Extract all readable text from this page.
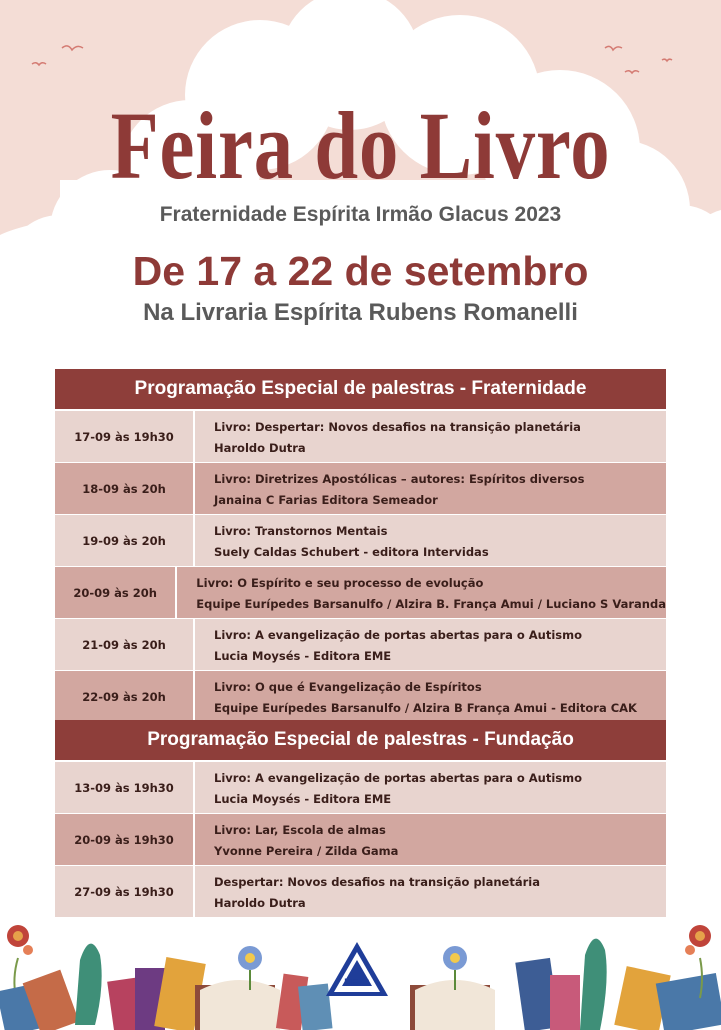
Feira do Livro
Fraternidade Espírita Irmão Glacus 2023
De 17 a 22 de setembro
Na Livraria Espírita Rubens Romanelli
Programação Especial de palestras - Fraternidade
17-09 às 19h30
Livro: Despertar: Novos desafios na transição planetária
Haroldo Dutra
18-09 às 20h
Livro: Diretrizes Apostólicas – autores: Espíritos diversos
Janaina C Farias Editora Semeador
19-09 às 20h
Livro: Transtornos Mentais
Suely Caldas Schubert - editora Intervidas
20-09 às 20h
Livro: O Espírito e seu processo de evolução
Equipe Eurípedes Barsanulfo / Alzira B. França Amui / Luciano S Varanda
21-09 às 20h
Livro: A evangelização de portas abertas para o Autismo
Lucia Moysés - Editora EME
22-09 às 20h
Livro: O que é Evangelização de Espíritos
Equipe Eurípedes Barsanulfo / Alzira B França Amui - Editora CAK
Programação Especial de palestras - Fundação
13-09 às 19h30
Livro: A evangelização de portas abertas para o Autismo
Lucia Moysés - Editora EME
20-09 às 19h30
Livro: Lar, Escola de almas
Yvonne Pereira / Zilda Gama
27-09 às 19h30
Despertar: Novos desafios na transição planetária
Haroldo Dutra
FEIG
